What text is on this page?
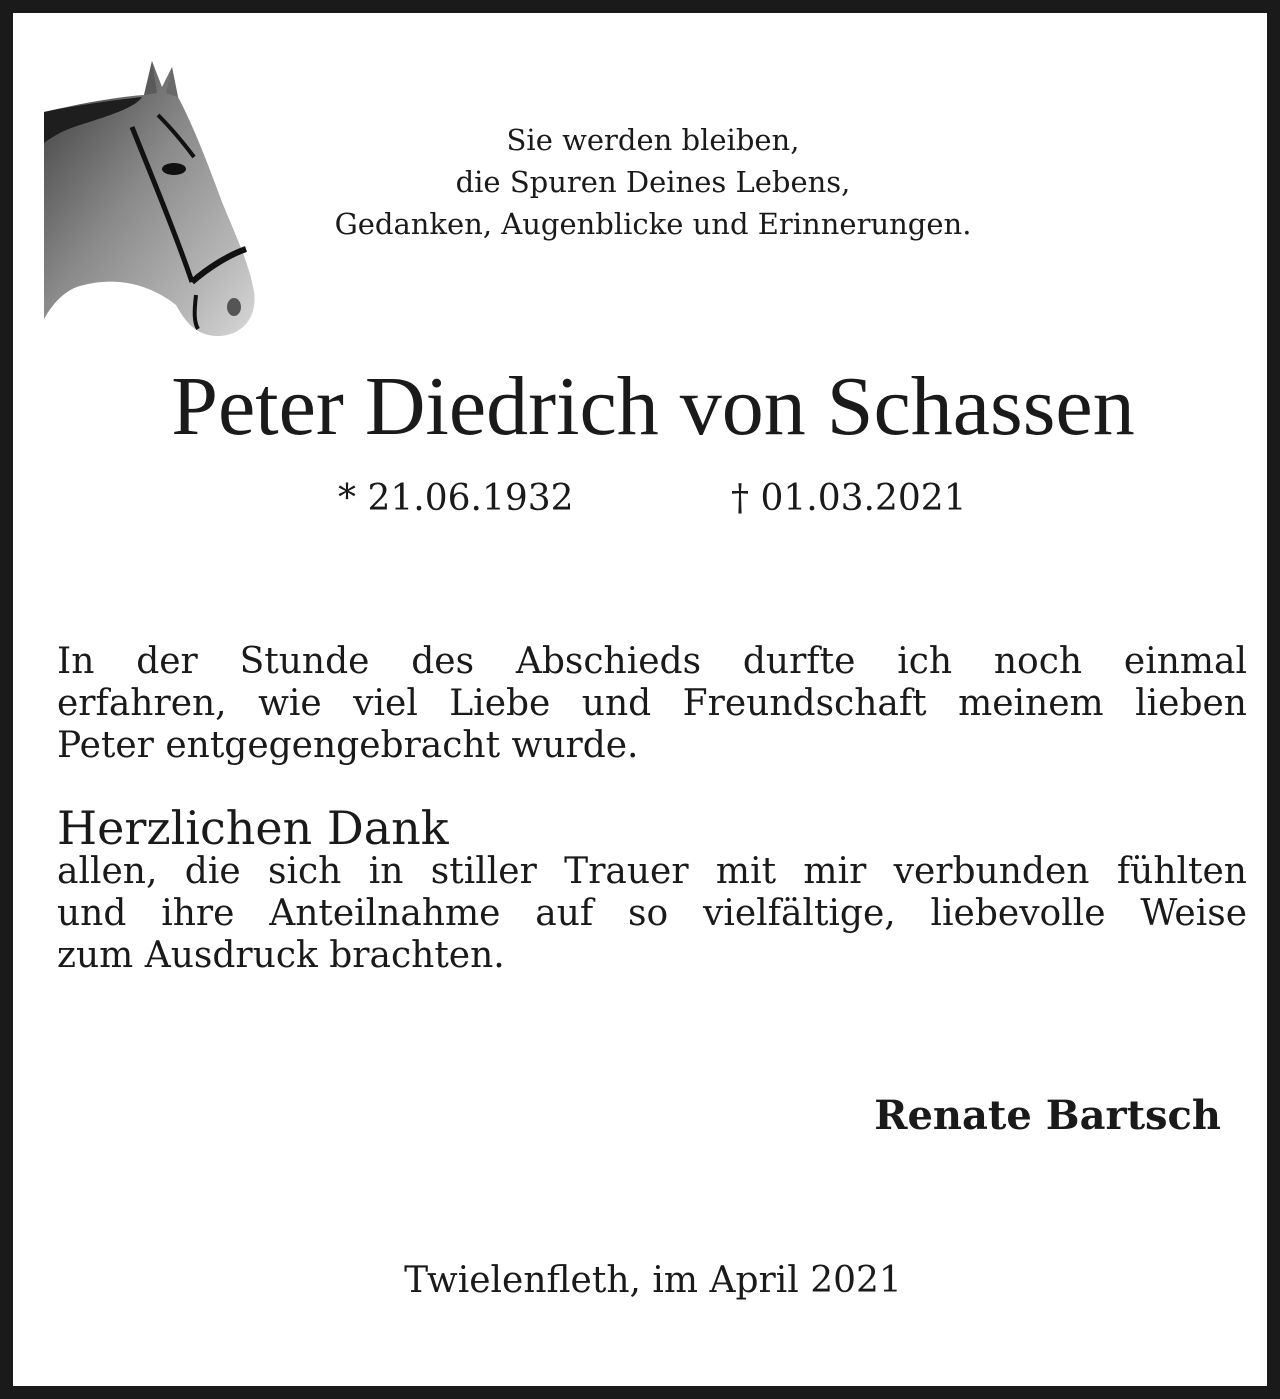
Sie werden bleiben,
die Spuren Deines Lebens,
Gedanken, Augenblicke und Erinnerungen.
Peter Diedrich von Schassen
* 21.06.1932	† 01.03.2021
In der Stunde des Abschieds durfte ich noch einmal
erfahren, wie viel Liebe und Freundschaft meinem lieben
Peter entgegengebracht wurde.
Herzlichen Dank
allen, die sich in stiller Trauer mit mir verbunden fühlten
und ihre Anteilnahme auf so vielfältige, liebevolle Weise
zum Ausdruck brachten.
Renate Bartsch
Twielenfleth, im April 2021
